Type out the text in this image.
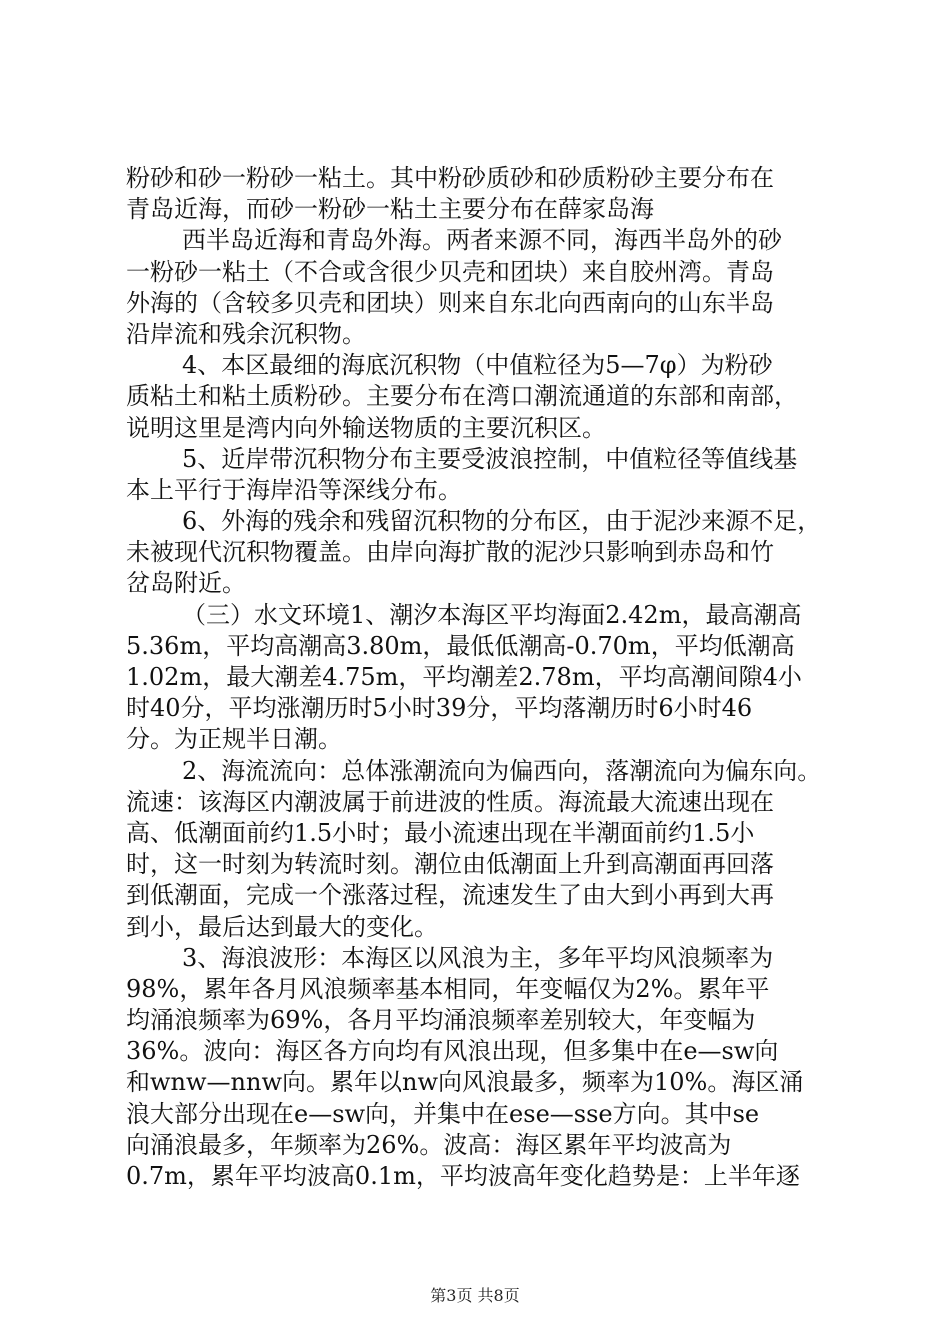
粉砂和砂一粉砂一粘土。其中粉砂质砂和砂质粉砂主要分布在
青岛近海，而砂一粉砂一粘土主要分布在薛家岛海
西半岛近海和青岛外海。两者来源不同，海西半岛外的砂
一粉砂一粘土（不合或含很少贝壳和团块）来自胶州湾。青岛
外海的（含较多贝壳和团块）则来自东北向西南向的山东半岛
沿岸流和残余沉积物。
4、本区最细的海底沉积物（中值粒径为5—7φ）为粉砂
质粘土和粘土质粉砂。主要分布在湾口潮流通道的东部和南部，
说明这里是湾内向外输送物质的主要沉积区。
5、近岸带沉积物分布主要受波浪控制，中值粒径等值线基
本上平行于海岸沿等深线分布。
6、外海的残余和残留沉积物的分布区，由于泥沙来源不足，
未被现代沉积物覆盖。由岸向海扩散的泥沙只影响到赤岛和竹
岔岛附近。
（三）水文环境1、潮汐本海区平均海面2.42m，最高潮高
5.36m，平均高潮高3.80m，最低低潮高-0.70m，平均低潮高
1.02m，最大潮差4.75m，平均潮差2.78m，平均高潮间隙4小
时40分，平均涨潮历时5小时39分，平均落潮历时6小时46
分。为正规半日潮。
2、海流流向：总体涨潮流向为偏西向，落潮流向为偏东向。
流速：该海区内潮波属于前进波的性质。海流最大流速出现在
高、低潮面前约1.5小时；最小流速出现在半潮面前约1.5小
时，这一时刻为转流时刻。潮位由低潮面上升到高潮面再回落
到低潮面，完成一个涨落过程，流速发生了由大到小再到大再
到小，最后达到最大的变化。
3、海浪波形：本海区以风浪为主，多年平均风浪频率为
98%，累年各月风浪频率基本相同，年变幅仅为2%。累年平
均涌浪频率为69%，各月平均涌浪频率差别较大，年变幅为
36%。波向：海区各方向均有风浪出现，但多集中在e—sw向
和wnw—nnw向。累年以nw向风浪最多，频率为10%。海区涌
浪大部分出现在e—sw向，并集中在ese—sse方向。其中se
向涌浪最多，年频率为26%。波高：海区累年平均波高为
0.7m，累年平均波高0.1m，平均波高年变化趋势是：上半年逐
第3页 共8页
